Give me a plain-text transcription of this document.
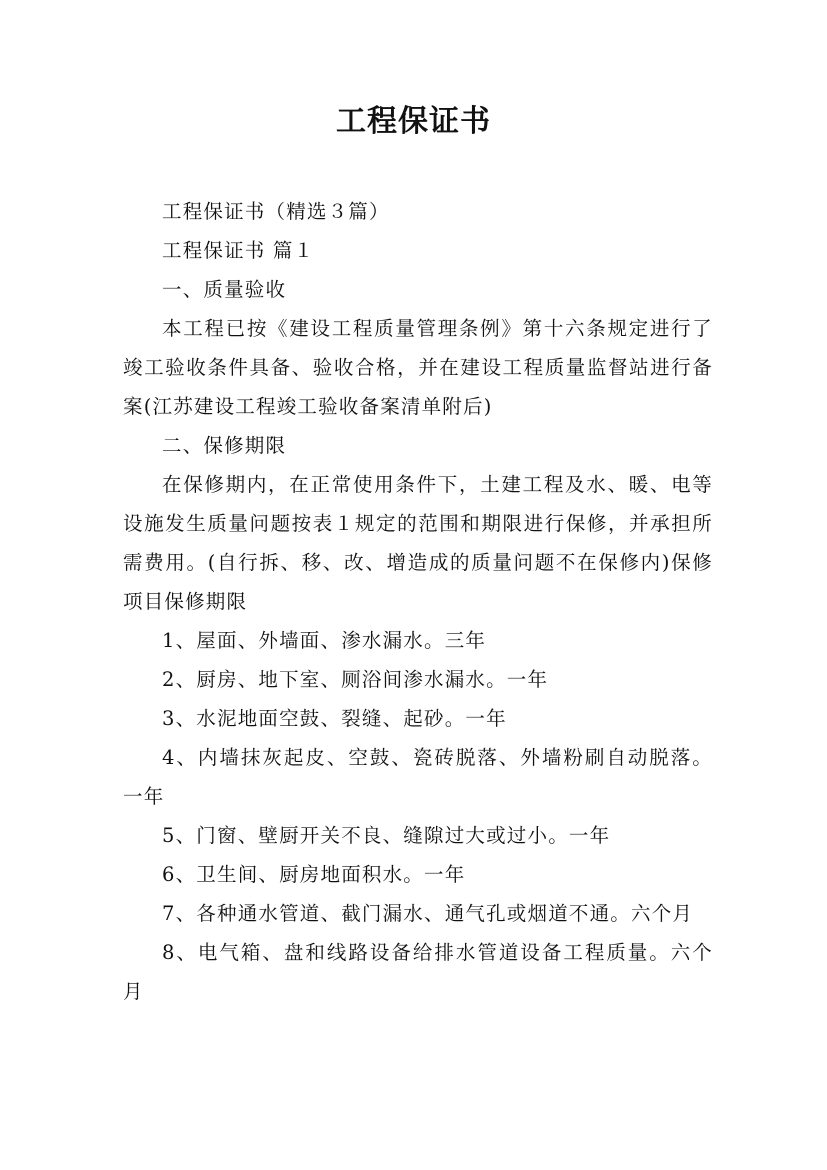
工程保证书

工程保证书（精选３篇）

工程保证书 篇１

一、质量验收

本工程已按《建设工程质量管理条例》第十六条规定进行了竣工验收条件具备、验收合格，并在建设工程质量监督站进行备案(江苏建设工程竣工验收备案清单附后)

二、保修期限

在保修期内，在正常使用条件下，土建工程及水、暖、电等设施发生质量问题按表１规定的范围和期限进行保修，并承担所需费用。(自行拆、移、改、增造成的质量问题不在保修内)保修项目保修期限

1、屋面、外墙面、渗水漏水。三年

2、厨房、地下室、厕浴间渗水漏水。一年

3、水泥地面空鼓、裂缝、起砂。一年

4、内墙抹灰起皮、空鼓、瓷砖脱落、外墙粉刷自动脱落。一年

5、门窗、壁厨开关不良、缝隙过大或过小。一年

6、卫生间、厨房地面积水。一年

7、各种通水管道、截门漏水、通气孔或烟道不通。六个月

8、电气箱、盘和线路设备给排水管道设备工程质量。六个月
